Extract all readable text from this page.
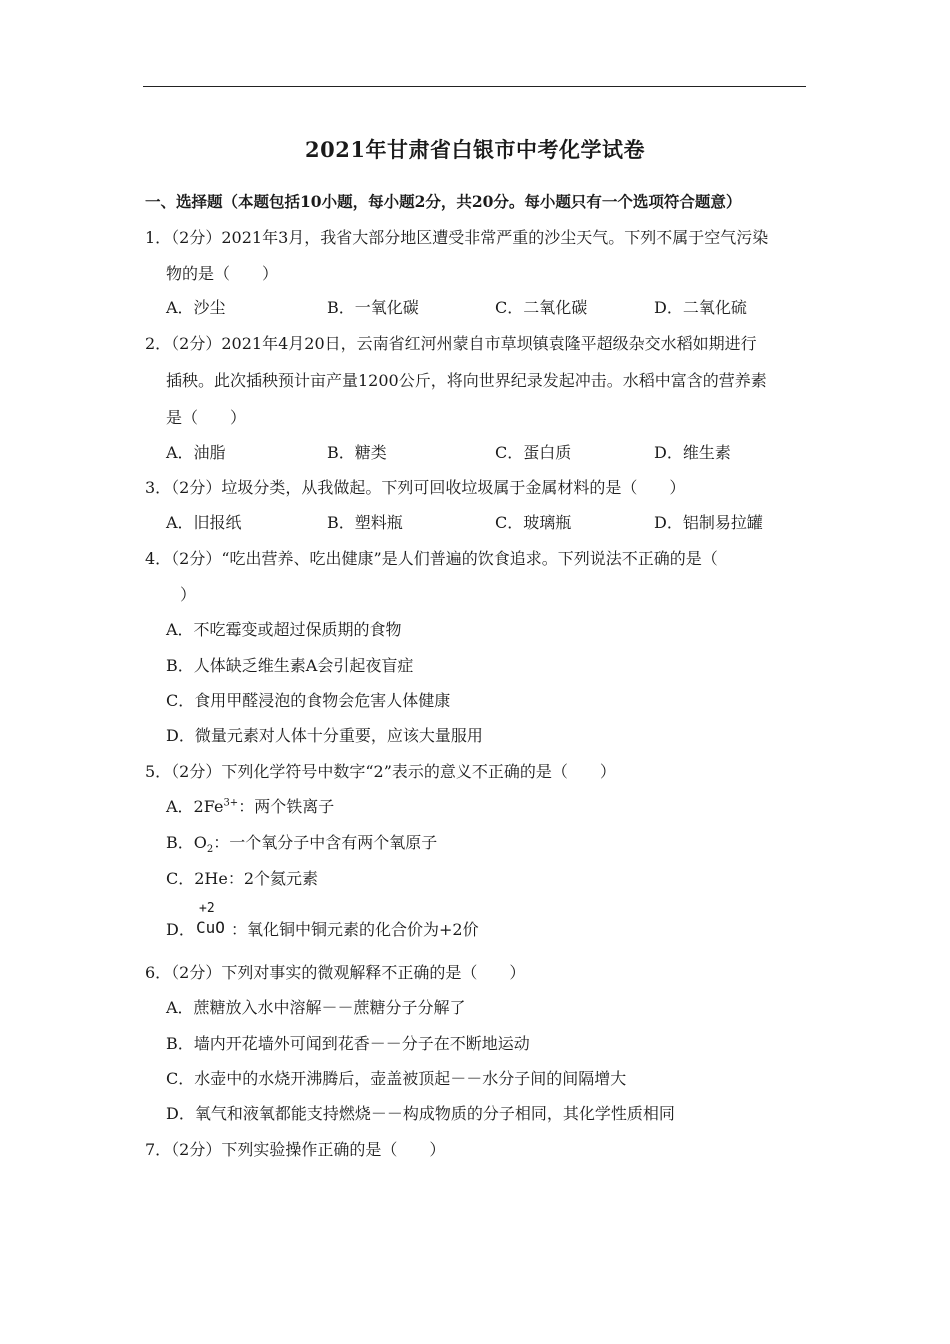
2021年甘肃省白银市中考化学试卷
一、选择题（本题包括10小题，每小题2分，共20分。每小题只有一个选项符合题意）
1．（2分）2021年3月，我省大部分地区遭受非常严重的沙尘天气。下列不属于空气污染
物的是（　　）
A．沙尘	B．一氧化碳	C．二氧化碳	D．二氧化硫
2．（2分）2021年4月20日，云南省红河州蒙自市草坝镇袁隆平超级杂交水稻如期进行
插秧。此次插秧预计亩产量1200公斤，将向世界纪录发起冲击。水稻中富含的营养素
是（　　）
A．油脂	B．糖类	C．蛋白质	D．维生素
3．（2分）垃圾分类，从我做起。下列可回收垃圾属于金属材料的是（　　）
A．旧报纸	B．塑料瓶	C．玻璃瓶	D．铝制易拉罐
4．（2分）“吃出营养、吃出健康”是人们普遍的饮食追求。下列说法不正确的是（
）
A．不吃霉变或超过保质期的食物
B．人体缺乏维生素A会引起夜盲症
C．食用甲醛浸泡的食物会危害人体健康
D．微量元素对人体十分重要，应该大量服用
5．（2分）下列化学符号中数字“2”表示的意义不正确的是（　　）
A．$2Fe^{3+}$：两个铁离子
B．$O_2$：一个氧分子中含有两个氧原子
C．2He：2个氦元素
D．
+2
CuO ：氧化铜中铜元素的化合价为+2价
6．（2分）下列对事实的微观解释不正确的是（　　）
A．蔗糖放入水中溶解－－蔗糖分子分解了
B．墙内开花墙外可闻到花香－－分子在不断地运动
C．水壶中的水烧开沸腾后，壶盖被顶起－－水分子间的间隔增大
D．氧气和液氧都能支持燃烧－－构成物质的分子相同，其化学性质相同
7．（2分）下列实验操作正确的是（　　）
